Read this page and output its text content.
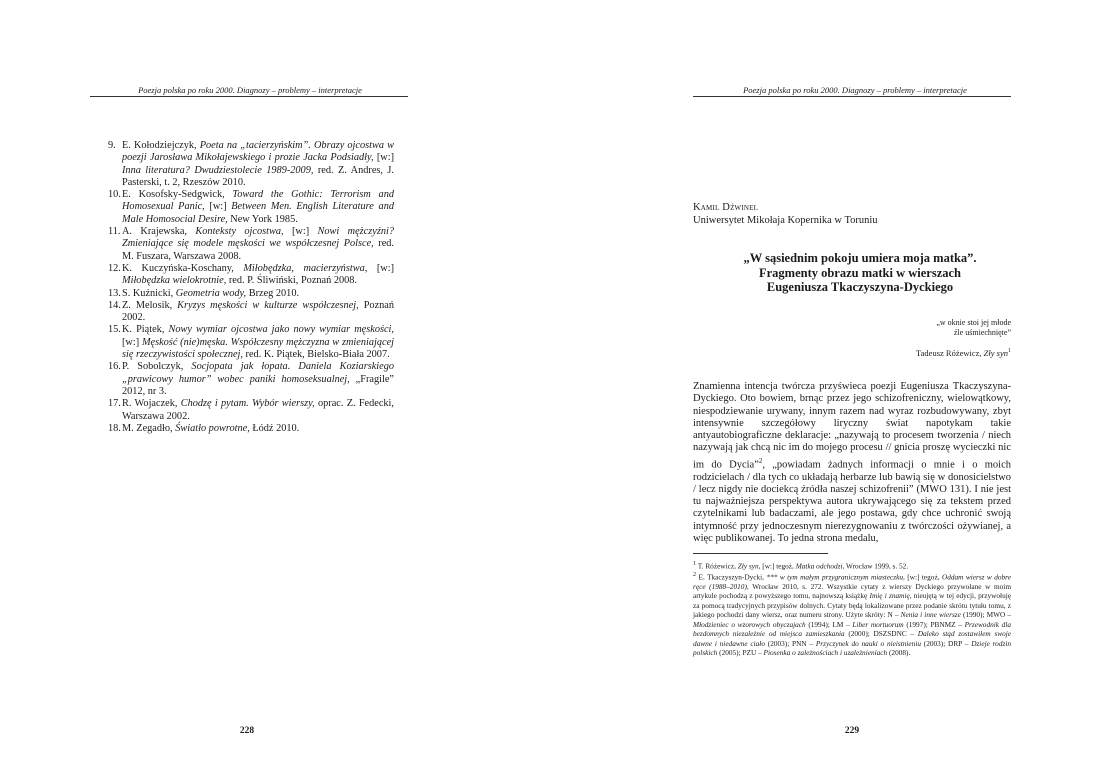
Poezja polska po roku 2000. Diagnozy – problemy – interpretacje
9. E. Kołodziejczyk, Poeta na „tacierzyńskim”. Obrazy ojcostwa w poezji Jarosława Mikołajewskiego i prozie Jacka Podsiadły, [w:] Inna literatura? Dwudziestolecie 1989-2009, red. Z. Andres, J. Pasterski, t. 2, Rzeszów 2010.
10.E. Kosofsky-Sedgwick, Toward the Gothic: Terrorism and Homosexual Panic, [w:] Between Men. English Literature and Male Homosocial Desire, New York 1985.
11. A. Krajewska, Konteksty ojcostwa, [w:] Nowi mężczyźni? Zmieniające się modele męskości we współczesnej Polsce, red. M. Fuszara, Warszawa 2008.
12.K. Kuczyńska-Koschany, Miłobędzka, macierzyństwa, [w:] Miłobędzka wielokrotnie, red. P. Śliwiński, Poznań 2008.
13.S. Kuźnicki, Geometria wody, Brzeg 2010.
14.Z. Melosik, Kryzys męskości w kulturze współczesnej, Poznań 2002.
15.K. Piątek, Nowy wymiar ojcostwa jako nowy wymiar męskości, [w:] Męskość (nie)męska. Współczesny mężczyzna w zmieniającej się rzeczywistości społecznej, red. K. Piątek, Bielsko-Biała 2007.
16.P. Sobolczyk, Socjopata jak łopata. Daniela Koziarskiego „prawicowy humor” wobec paniki homoseksualnej, „Fragile” 2012, nr 3.
17.R. Wojaczek, Chodzę i pytam. Wybór wierszy, oprac. Z. Fedecki, Warszawa 2002.
18.M. Zegadło, Światło powrotne, Łódź 2010.
228
Poezja polska po roku 2000. Diagnozy – problemy – interpretacje
Kamil Dźwinel
Uniwersytet Mikołaja Kopernika w Toruniu
„W sąsiednim pokoju umiera moja matka”.
Fragmenty obrazu matki w wierszach
Eugeniusza Tkaczyszyna-Dyckiego
„w oknie stoi jej młode
źle uśmiechnięte”
Tadeusz Różewicz, Zły syn$^1$

Znamienna intencja twórcza przyświeca poezji Eugeniusza Tkaczyszyna-Dyckiego. Oto bowiem, brnąc przez jego schizofreniczny, wielowątkowy, niespodziewanie urywany, innym razem nad wyraz rozbudowywany, zbyt intensywnie szczegółowy liryczny świat napotykam takie antyautobiograficzne deklaracje: „nazywają to procesem tworzenia / niech nazywają jak chcą nic im do mojego procesu // gnicia proszę wycieczki nic im do Dycia”$^2$, „powiadam żadnych informacji o mnie i o moich rodzicielach / dla tych co układają herbarze lub bawią się w donosicielstwo / lecz nigdy nie dociekcą źródła naszej schizofrenii” (MWO 131). I nie jest tu najważniejsza perspektywa autora ukrywającego się za tekstem przed czytelnikami lub badaczami, ale jego postawa, gdy chce uchronić swoją intymność przy jednoczesnym nierezygnowaniu z twórczości ożywianej, a więc publikowanej. To jedna strona medalu,

$^1$ T. Różewicz, Zły syn, [w:] tegoż, Matka odchodzi, Wrocław 1999, s. 52.

$^2$ E. Tkaczyszyn-Dycki, *** w tym małym przygranicznym miasteczku, [w:] tegoż, Oddam wiersz w dobre ręce (1988–2010), Wrocław 2010, s. 272. Wszystkie cytaty z wierszy Dyckiego przywołane w moim artykule pochodzą z powyższego tomu, najnowszą książkę Imię i znamię, nieujętą w tej edycji, przywołuję za pomocą tradycyjnych przypisów dolnych. Cytaty będą lokalizowane przez podanie skrótu tytułu tomu, z jakiego pochodzi dany wiersz, oraz numeru strony. Użyte skróty: N – Nenia i inne wiersze (1990); MWO – Młodzieniec o wzorowych obyczajach (1994); LM – Liber mortuorum (1997); PBNMZ – Przewodnik dla bezdomnych niezależnie od miejsca zamieszkania (2000); DSZSDNC – Daleko stąd zostawiłem swoje dawne i niedawne ciało (2003); PNN – Przyczynek do nauki o nieistnieniu (2003); DRP – Dzieje rodzin polskich (2005); PZU – Piosenka o zależnościach i uzależnieniach (2008).

229
